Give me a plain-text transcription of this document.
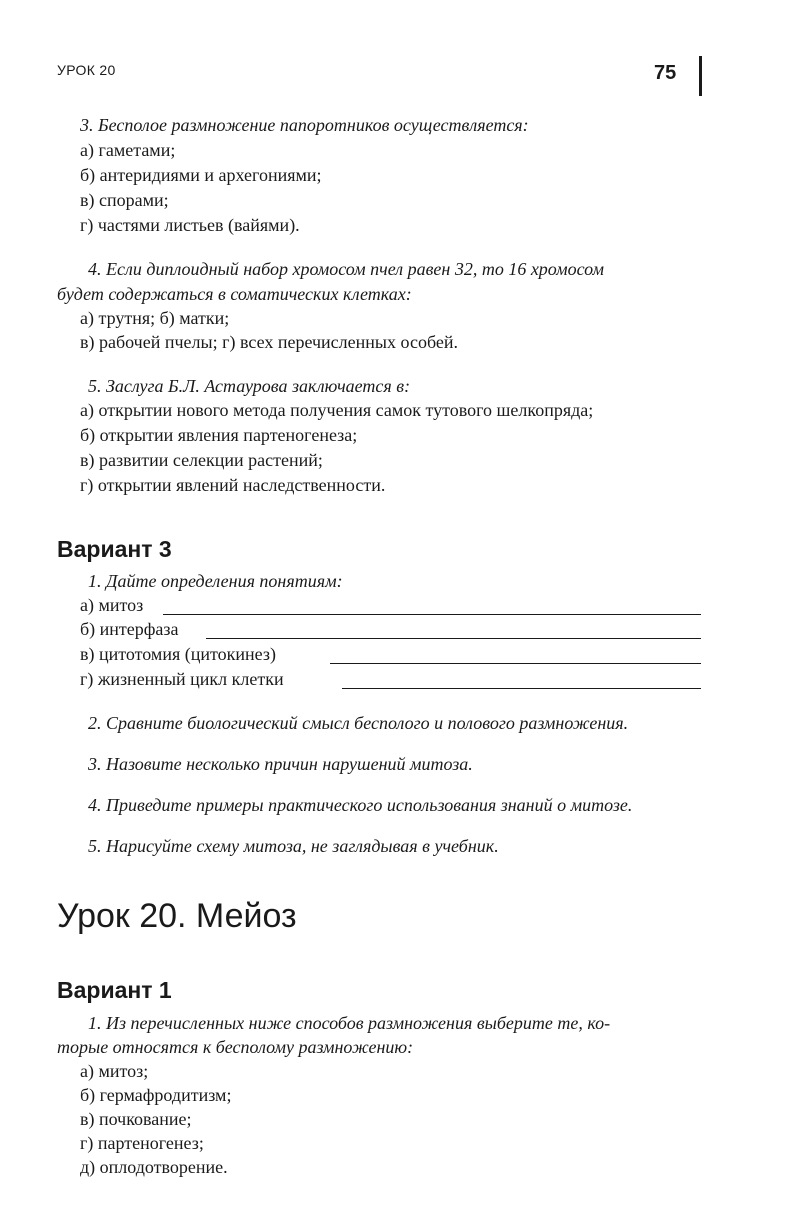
УРОК 20	75
3. Бесполое размножение папоротников осуществляется:
а) гаметами;
б) антеридиями и архегониями;
в) спорами;
г) частями листьев (вайями).
4. Если диплоидный набор хромосом пчел равен 32, то 16 хромосом
будет содержаться в соматических клетках:
а) трутня; б) матки;
в) рабочей пчелы; г) всех перечисленных особей.
5. Заслуга Б.Л. Астаурова заключается в:
а) открытии нового метода получения самок тутового шелкопряда;
б) открытии явления партеногенеза;
в) развитии селекции растений;
г) открытии явлений наследственности.
Вариант 3
1. Дайте определения понятиям:
а) митоз
б) интерфаза
в) цитотомия (цитокинез)
г) жизненный цикл клетки
2. Сравните биологический смысл бесполого и полового размножения.
3. Назовите несколько причин нарушений митоза.
4. Приведите примеры практического использования знаний о митозе.
5. Нарисуйте схему митоза, не заглядывая в учебник.
Урок 20. Мейоз
Вариант 1
1. Из перечисленных ниже способов размножения выберите те, ко-
торые относятся к бесполому размножению:
а) митоз;
б) гермафродитизм;
в) почкование;
г) партеногенез;
д) оплодотворение.
